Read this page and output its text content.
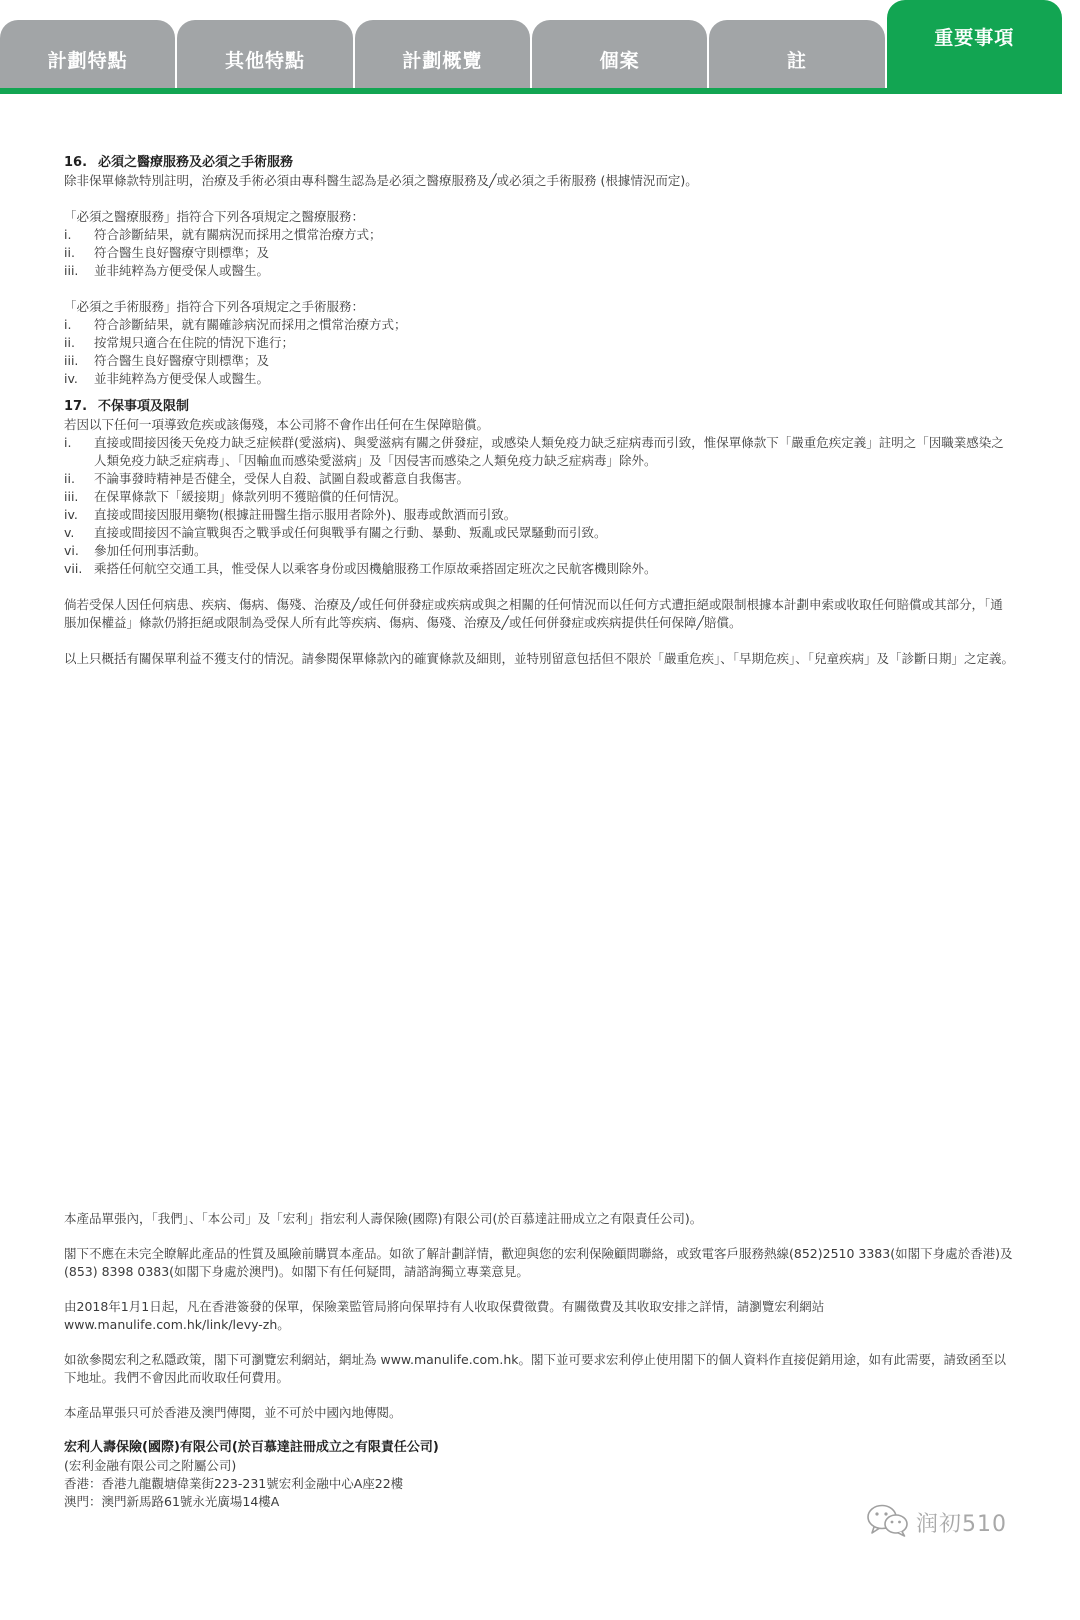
計劃特點	其他特點	計劃概覽	個案	註
重要事項
16. 必須之醫療服務及必須之手術服務

除非保單條款特別註明，治療及手術必須由專科醫生認為是必須之醫療服務及╱或必須之手術服務 (根據情況而定)。

「必須之醫療服務」指符合下列各項規定之醫療服務：

i.	符合診斷結果，就有關病況而採用之慣常治療方式；
ii.	符合醫生良好醫療守則標準；及
iii.	並非純粹為方便受保人或醫生。

「必須之手術服務」指符合下列各項規定之手術服務：

i.	符合診斷結果，就有關確診病況而採用之慣常治療方式；
ii.	按常規只適合在住院的情況下進行；
iii.	符合醫生良好醫療守則標準；及
iv.	並非純粹為方便受保人或醫生。
17. 不保事項及限制

若因以下任何一項導致危疾或該傷殘，本公司將不會作出任何在生保障賠償。

i.	直接或間接因後天免疫力缺乏症候群(愛滋病)、與愛滋病有關之併發症，或感染人類免疫力缺乏症病毒而引致，惟保單條款下「嚴重危疾定義」註明之「因職業感染之人類免疫力缺乏症病毒」、「因輸血而感染愛滋病」及「因侵害而感染之人類免疫力缺乏症病毒」除外。
ii.	不論事發時精神是否健全，受保人自殺、試圖自殺或蓄意自我傷害。
iii.	在保單條款下「緩接期」條款列明不獲賠償的任何情況。
iv.	直接或間接因服用藥物(根據註冊醫生指示服用者除外)、服毒或飲酒而引致。
v.	直接或間接因不論宣戰與否之戰爭或任何與戰爭有關之行動、暴動、叛亂或民眾騷動而引致。
vi.	參加任何刑事活動。
vii. 乘搭任何航空交通工具，惟受保人以乘客身份或因機艙服務工作原故乘搭固定班次之民航客機則除外。

倘若受保人因任何病患、疾病、傷病、傷殘、治療及╱或任何併發症或疾病或與之相關的任何情況而以任何方式遭拒絕或限制根據本計劃申索或收取任何賠償或其部分，「通脹加保權益」條款仍將拒絕或限制為受保人所有此等疾病、傷病、傷殘、治療及╱或任何併發症或疾病提供任何保障╱賠償。

以上只概括有關保單利益不獲支付的情況。請參閱保單條款內的確實條款及細則，並特別留意包括但不限於「嚴重危疾」、「早期危疾」、「兒童疾病」及「診斷日期」之定義。

本產品單張內，「我們」、「本公司」及「宏利」指宏利人壽保險(國際)有限公司(於百慕達註冊成立之有限責任公司)。

閣下不應在未完全瞭解此產品的性質及風險前購買本產品。如欲了解計劃詳情，歡迎與您的宏利保險顧問聯絡，或致電客戶服務熱線(852)2510 3383(如閣下身處於香港)及 (853) 8398 0383(如閣下身處於澳門)。如閣下有任何疑問，請諮詢獨立專業意見。

由2018年1月1日起，凡在香港簽發的保單，保險業監管局將向保單持有人收取保費徵費。有關徵費及其收取安排之詳情，請瀏覽宏利網站www.manulife.com.hk/link/levy-zh。

如欲參閱宏利之私隱政策，閣下可瀏覽宏利網站，網址為 www.manulife.com.hk。閣下並可要求宏利停止使用閣下的個人資料作直接促銷用途，如有此需要，請致函至以下地址。我們不會因此而收取任何費用。

本產品單張只可於香港及澳門傳閱，並不可於中國內地傳閱。

宏利人壽保險(國際)有限公司(於百慕達註冊成立之有限責任公司)

(宏利金融有限公司之附屬公司)

香港：香港九龍觀塘偉業街223-231號宏利金融中心A座22樓

澳門：澳門新馬路61號永光廣場14樓A

润初510
